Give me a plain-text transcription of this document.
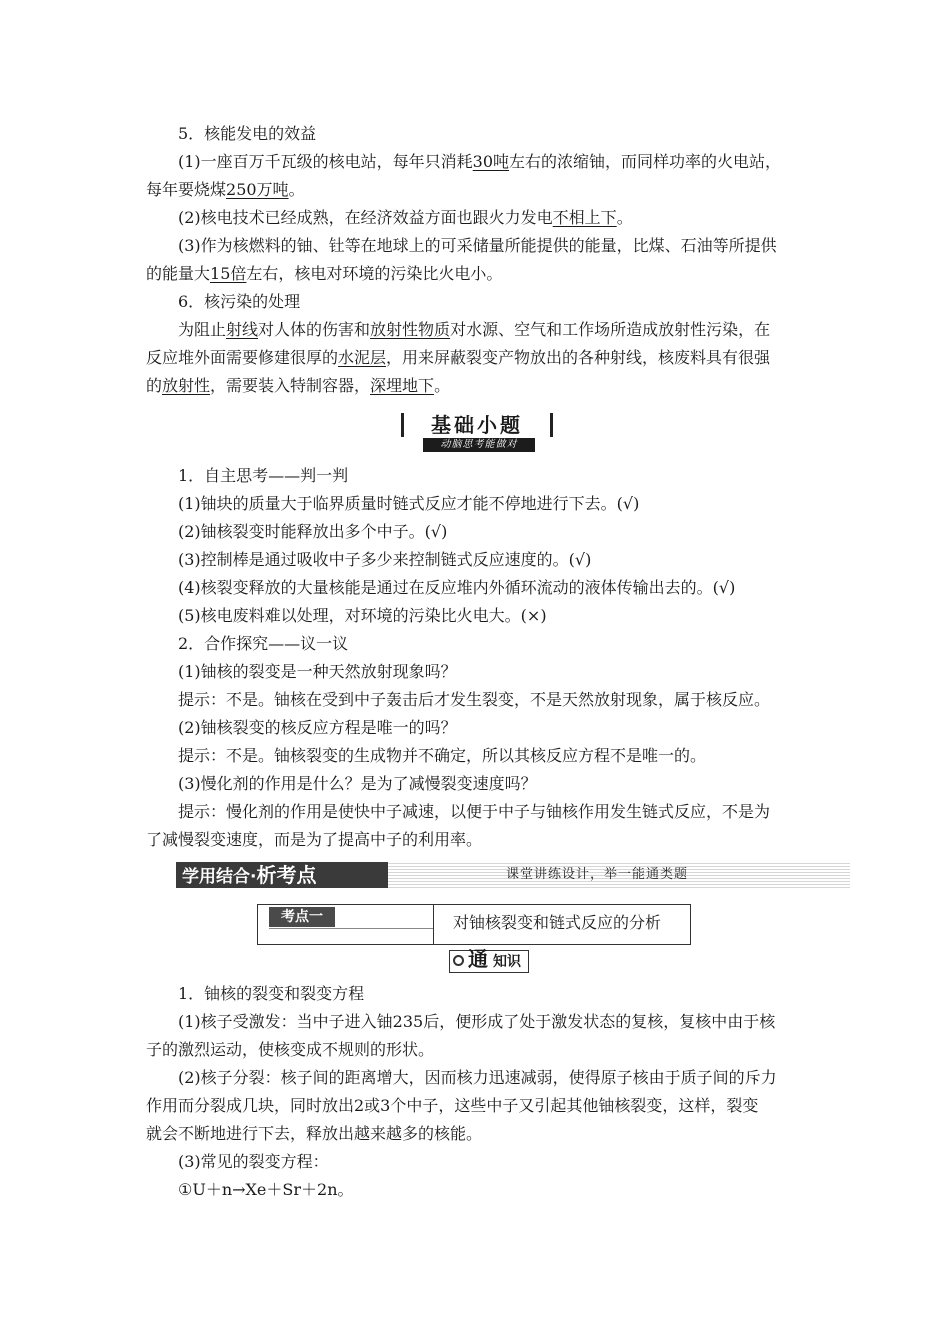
5．核能发电的效益
(1)一座百万千瓦级的核电站，每年只消耗30吨左右的浓缩铀，而同样功率的火电站，
每年要烧煤250万吨。
(2)核电技术已经成熟，在经济效益方面也跟火力发电不相上下。
(3)作为核燃料的铀、钍等在地球上的可采储量所能提供的能量，比煤、石油等所提供
的能量大15倍左右，核电对环境的污染比火电小。
6．核污染的处理
为阻止射线对人体的伤害和放射性物质对水源、空气和工作场所造成放射性污染，在
反应堆外面需要修建很厚的水泥层，用来屏蔽裂变产物放出的各种射线，核废料具有很强
的放射性，需要装入特制容器，深埋地下。
基础小题
动脑思考能做对
1．自主思考——判一判
(1)铀块的质量大于临界质量时链式反应才能不停地进行下去。(√)
(2)铀核裂变时能释放出多个中子。(√)
(3)控制棒是通过吸收中子多少来控制链式反应速度的。(√)
(4)核裂变释放的大量核能是通过在反应堆内外循环流动的液体传输出去的。(√)
(5)核电废料难以处理，对环境的污染比火电大。(×)
2．合作探究——议一议
(1)铀核的裂变是一种天然放射现象吗？
提示：不是。铀核在受到中子轰击后才发生裂变，不是天然放射现象，属于核反应。
(2)铀核裂变的核反应方程是唯一的吗？
提示：不是。铀核裂变的生成物并不确定，所以其核反应方程不是唯一的。
(3)慢化剂的作用是什么？是为了减慢裂变速度吗？
提示：慢化剂的作用是使快中子减速，以便于中子与铀核作用发生链式反应，不是为
了减慢裂变速度，而是为了提高中子的利用率。
学用结合·析考点	课堂讲练设计，举一能通类题
考点一	对铀核裂变和链式反应的分析
通 知识
1．铀核的裂变和裂变方程
(1)核子受激发：当中子进入铀235后，便形成了处于激发状态的复核，复核中由于核
子的激烈运动，使核变成不规则的形状。
(2)核子分裂：核子间的距离增大，因而核力迅速减弱，使得原子核由于质子间的斥力
作用而分裂成几块，同时放出2或3个中子，这些中子又引起其他铀核裂变，这样，裂变
就会不断地进行下去，释放出越来越多的核能。
(3)常见的裂变方程：
①U＋n→Xe＋Sr＋2n。
